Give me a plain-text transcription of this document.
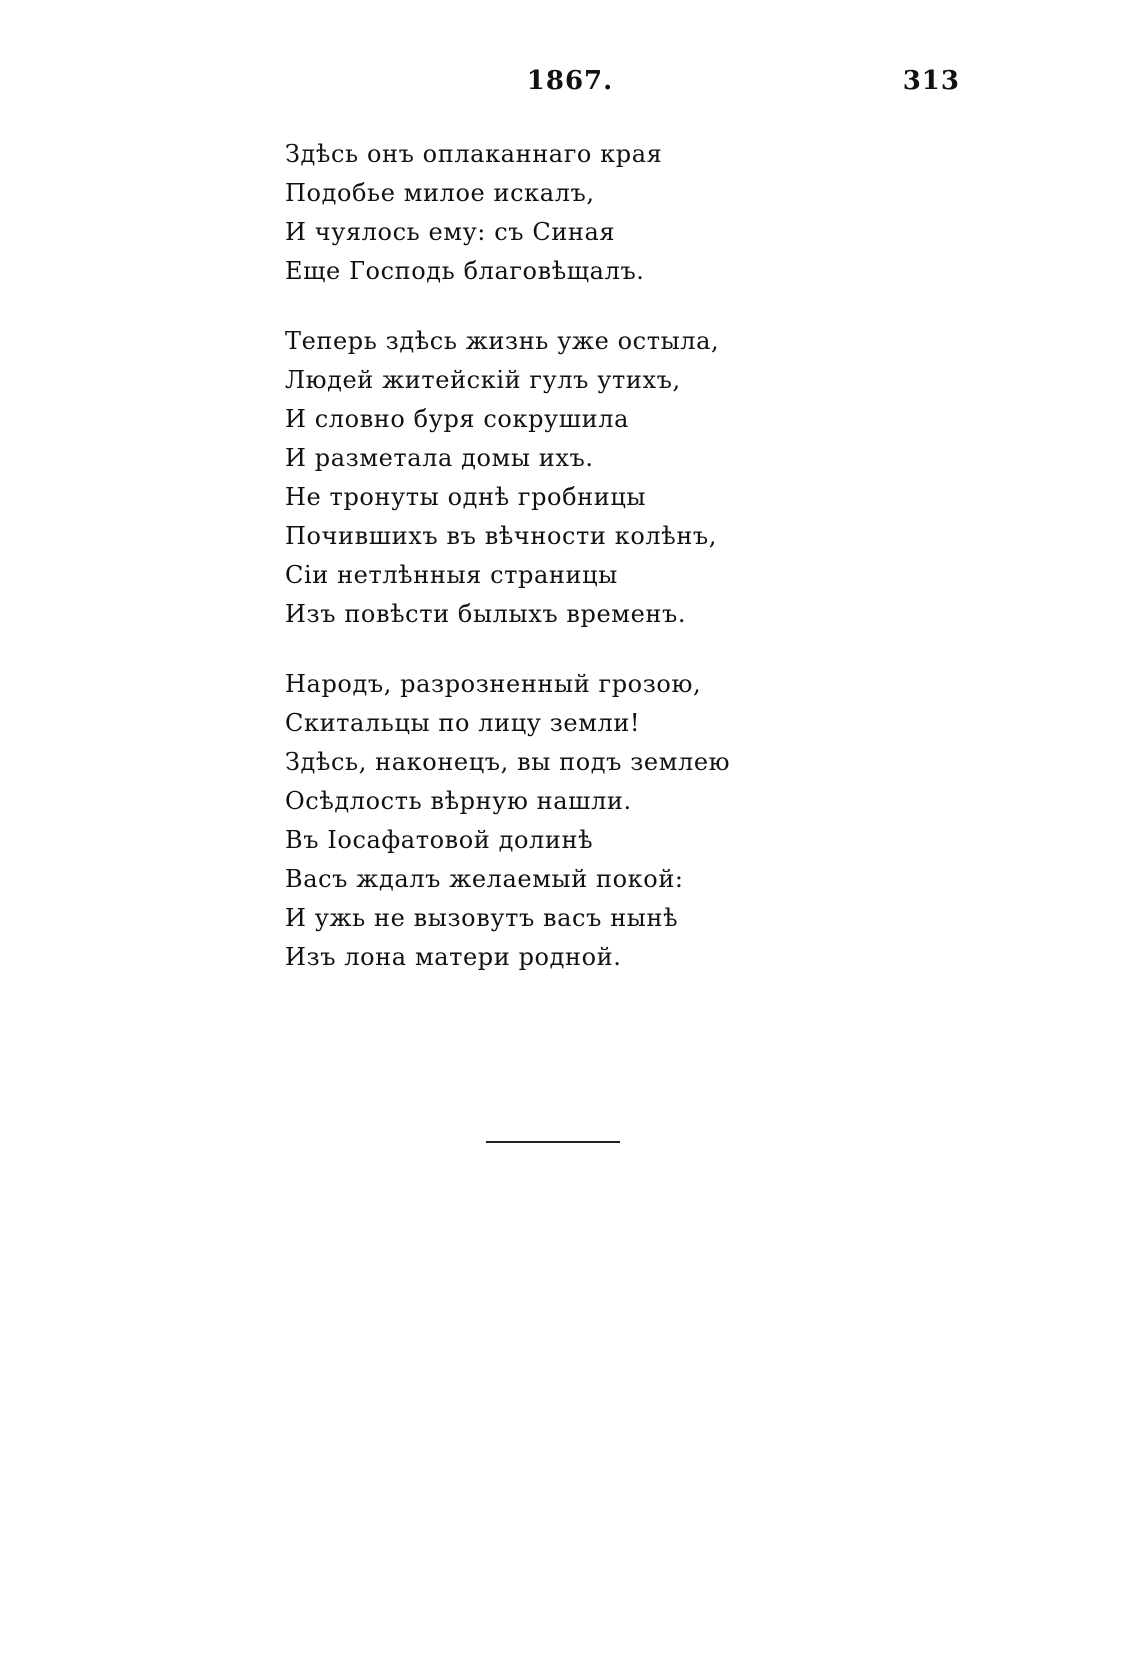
1867.	313
Здѣсь онъ оплаканнаго края
Подобье милое искалъ,
И чуялось ему: съ Синая
Еще Господь благовѣщалъ.
Теперь здѣсь жизнь уже остыла,
Людей житейскій гулъ утихъ,
И словно буря сокрушила
И разметала домы ихъ.
Не тронуты однѣ гробницы
Почившихъ въ вѣчности колѣнъ,
Сіи нетлѣнныя страницы
Изъ повѣсти былыхъ временъ.
Народъ, разрозненный грозою,
Скитальцы по лицу земли!
Здѣсь, наконецъ, вы подъ землею
Осѣдлость вѣрную нашли.
Въ Іосафатовой долинѣ
Васъ ждалъ желаемый покой:
И ужь не вызовутъ васъ нынѣ
Изъ лона матери родной.
